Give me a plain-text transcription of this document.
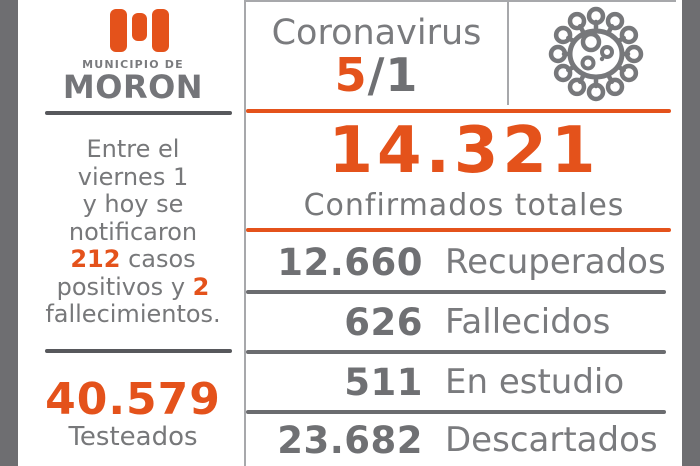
MUNICIPIO DE
MORON
Entre el
viernes 1
y hoy se
notificaron
212 casos
positivos y 2
fallecimientos.
40.579
Testeados
Coronavirus
5/1
14.321
Confirmados totales
12.660 Recuperados
626 Fallecidos
511 En estudio
23.682 Descartados
